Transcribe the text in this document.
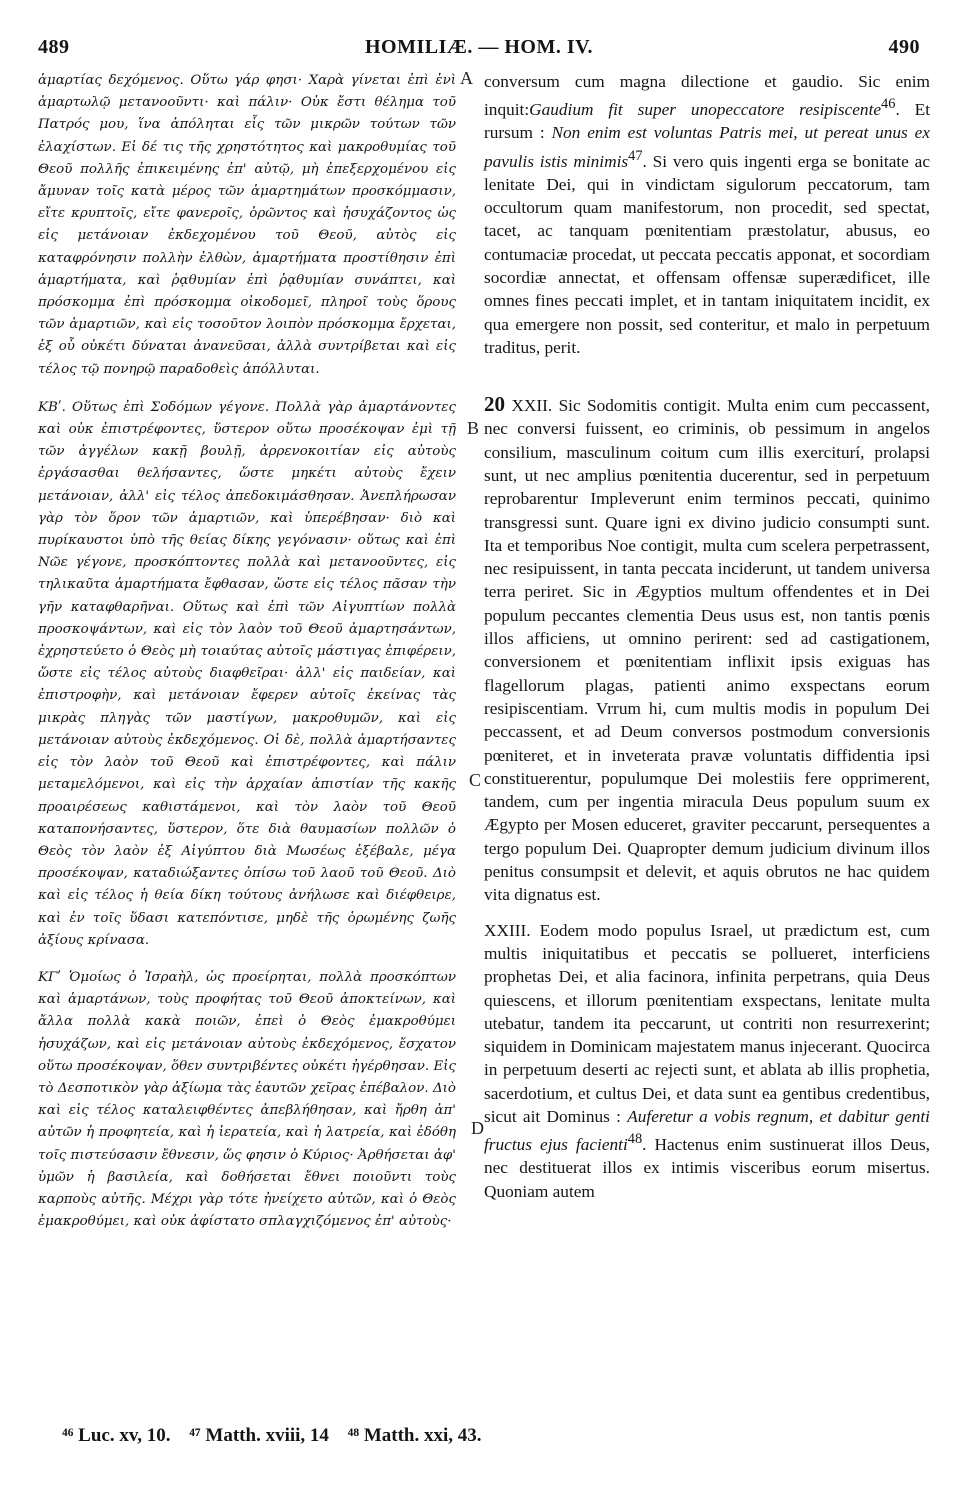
489	HOMILIÆ. — HOM. IV.	490

ἁμαρτίας δεχόμενος. Οὕτω γάρ φησι· Χαρὰ γίνεται ἐπὶ ἑνὶ ἁμαρτωλῷ μετανοοῦντι· καὶ πάλιν· Οὐκ ἔστι θέλημα τοῦ Πατρός μου, ἵνα ἀπόληται εἷς τῶν μικρῶν τούτων τῶν ἐλαχίστων. Εἰ δέ τις τῆς χρηστότητος καὶ μακροθυμίας τοῦ Θεοῦ πολλῆς ἐπικειμένης ἐπ' αὐτῷ, μὴ ἐπεξερχομένου εἰς ἄμυναν τοῖς κατὰ μέρος τῶν ἁμαρτημάτων προσκόμμασιν, εἴτε κρυπτοῖς, εἴτε φανεροῖς, ὁρῶντος καὶ ἡσυχάζοντος ὡς εἰς μετάνοιαν ἐκδεχομένου τοῦ Θεοῦ, αὐτὸς εἰς καταφρόνησιν πολλὴν ἐλθὼν, ἁμαρτήματα προστίθησιν ἐπὶ ἁμαρτήματα, καὶ ῥᾳθυμίαν ἐπὶ ῥᾳθυμίαν συνάπτει, καὶ πρόσκομμα ἐπὶ πρόσκομμα οἰκοδομεῖ, πληροῖ τοὺς ὅρους τῶν ἁμαρτιῶν, καὶ εἰς τοσοῦτον λοιπὸν πρόσκομμα ἔρχεται, ἐξ οὗ οὐκέτι δύναται ἀνανεῦσαι, ἀλλὰ συντρίβεται καὶ εἰς τέλος τῷ πονηρῷ παραδοθεὶς ἀπόλλυται.

ΚΒʹ. Οὕτως ἐπὶ Σοδόμων γέγονε. Πολλὰ γὰρ ἁμαρτάνοντες καὶ οὐκ ἐπιστρέφοντες, ὕστερον οὕτω προσέκοψαν ἐμὶ τῇ τῶν ἀγγέλων κακῇ βουλῇ, ἀρρενοκοιτίαν εἰς αὐτοὺς ἐργάσασθαι θελήσαντες, ὥστε μηκέτι αὐτοὺς ἔχειν μετάνοιαν, ἀλλ' εἰς τέλος ἀπεδοκιμάσθησαν. Ἀνεπλήρωσαν γὰρ τὸν ὅρον τῶν ἁμαρτιῶν, καὶ ὑπερέβησαν· διὸ καὶ πυρίκαυστοι ὑπὸ τῆς θείας δίκης γεγόνασιν· οὕτως καὶ ἐπὶ Νῶε γέγονε, προσκόπτοντες πολλὰ καὶ μετανοοῦντες, εἰς τηλικαῦτα ἁμαρτήματα ἔφθασαν, ὥστε εἰς τέλος πᾶσαν τὴν γῆν καταφθαρῆναι. Οὕτως καὶ ἐπὶ τῶν Αἰγυπτίων πολλὰ προσκοψάντων, καὶ εἰς τὸν λαὸν τοῦ Θεοῦ ἁμαρτησάντων, ἐχρηστεύετο ὁ Θεὸς μὴ τοιαύτας αὐτοῖς μάστιγας ἐπιφέρειν, ὥστε εἰς τέλος αὐτοὺς διαφθεῖραι· ἀλλ' εἰς παιδείαν, καὶ ἐπιστροφὴν, καὶ μετάνοιαν ἔφερεν αὐτοῖς ἐκείνας τὰς μικρὰς πληγὰς τῶν μαστίγων, μακροθυμῶν, καὶ εἰς μετάνοιαν αὐτοὺς ἐκδεχόμενος. Οἱ δὲ, πολλὰ ἁμαρτήσαντες εἰς τὸν λαὸν τοῦ Θεοῦ καὶ ἐπιστρέφοντες, καὶ πάλιν μεταμελόμενοι, καὶ εἰς τὴν ἀρχαίαν ἀπιστίαν τῆς κακῆς προαιρέσεως καθιστάμενοι, καὶ τὸν λαὸν τοῦ Θεοῦ καταπονήσαντες, ὕστερον, ὅτε διὰ θαυμασίων πολλῶν ὁ Θεὸς τὸν λαὸν ἐξ Αἰγύπτου διὰ Μωσέως ἐξέβαλε, μέγα προσέκοψαν, καταδιώξαντες ὀπίσω τοῦ λαοῦ τοῦ Θεοῦ. Διὸ καὶ εἰς τέλος ἡ θεία δίκη τούτους ἀνήλωσε καὶ διέφθειρε, καὶ ἐν τοῖς ὕδασι κατεπόντισε, μηδὲ τῆς ὁρωμένης ζωῆς ἀξίους κρίνασα.

ΚΓʹ Ὁμοίως ὁ Ἰσραὴλ, ὡς προείρηται, πολλὰ προσκόπτων καὶ ἁμαρτάνων, τοὺς προφήτας τοῦ Θεοῦ ἀποκτείνων, καὶ ἄλλα πολλὰ κακὰ ποιῶν, ἐπεὶ ὁ Θεὸς ἐμακροθύμει ἡσυχάζων, καὶ εἰς μετάνοιαν αὐτοὺς ἐκδεχόμενος, ἔσχατον οὕτω προσέκοψαν, ὅθεν συντριβέντες οὐκέτι ἠγέρθησαν. Εἰς τὸ Δεσποτικὸν γὰρ ἀξίωμα τὰς ἑαυτῶν χεῖρας ἐπέβαλον. Διὸ καὶ εἰς τέλος καταλειφθέντες ἀπεβλήθησαν, καὶ ἤρθη ἀπ' αὐτῶν ἡ προφητεία, καὶ ἡ ἱερατεία, καὶ ἡ λατρεία, καὶ ἐδόθη τοῖς πιστεύσασιν ἔθνεσιν, ὥς φησιν ὁ Κύριος· Ἀρθήσεται ἀφ' ὑμῶν ἡ βασιλεία, καὶ δοθήσεται ἔθνει ποιοῦντι τοὺς καρποὺς αὐτῆς. Μέχρι γὰρ τότε ἠνείχετο αὐτῶν, καὶ ὁ Θεὸς ἐμακροθύμει, καὶ οὐκ ἀφίστατο σπλαγχιζόμενος ἐπ' αὐτοὺς·

conversum cum magna dilectione et gaudio. Sic enim inquit:Gaudium fit super unopeccatore resipiscente$^{46}$. Et rursum : Non enim est voluntas Patris mei, ut pereat unus ex pavulis istis minimis$^{47}$. Si vero quis ingenti erga se bonitate ac lenitate Dei, qui in vindictam sigulorum peccatorum, tam occultorum quam manifestorum, non procedit, sed spectat, tacet, ac tanquam pœnitentiam præstolatur, abusus, eo contumaciæ procedat, ut peccata peccatis apponat, et socordiam socordiæ annectat, et offensam offensæ superædificet, ille omnes fines peccati implet, et in tantam iniquitatem incidit, ex qua emergere non possit, sed conteritur, et malo in perpetuum traditus, perit.

20 XXII. Sic Sodomitis contigit. Multa enim cum peccassent, nec conversi fuissent, eo criminis, ob pessimum in angelos consilium, masculinum coitum cum illis exerciturí, prolapsi sunt, ut nec amplius pœnitentia ducerentur, sed in perpetuum reprobarentur Impleverunt enim terminos peccati, quinimo transgressi sunt. Quare igni ex divino judicio consumpti sunt. Ita et temporibus Noe contigit, multa cum scelera perpetrassent, nec resipuissent, in tanta peccata inciderunt, ut tandem universa terra periret. Sic in Ægyptios multum offendentes et in Dei populum peccantes clementia Deus usus est, non tantis pœnis illos afficiens, ut omnino perirent: sed ad castigationem, conversionem et pœnitentiam inflixit ipsis exiguas has flagellorum plagas, patienti animo exspectans eorum resipiscentiam. Vrrum hi, cum multis modis in populum Dei peccassent, et ad Deum conversos postmodum conversionis pœniteret, et in inveterata pravæ voluntatis diffidentia ipsi constituerentur, populumque Dei molestiis fere opprimerent, tandem, cum per ingentia miracula Deus populum suum ex Ægypto per Mosen educeret, graviter peccarunt, persequentes a tergo populum Dei. Quapropter demum judicium divinum illos penitus consumpsit et delevit, et aquis obrutos ne hac quidem vita dignatus est.

XXIII. Eodem modo populus Israel, ut prædictum est, cum multis iniquitatibus et peccatis se pollueret, interficiens prophetas Dei, et alia facinora, infinita perpetrans, quia Deus quiescens, et illorum pœnitentiam exspectans, lenitate multa utebatur, tandem ita peccarunt, ut contriti non resurrexerint; siquidem in Dominicam majestatem manus injecerant. Quocirca in perpetuum deserti ac rejecti sunt, et ablata ab illis prophetia, sacerdotium, et cultus Dei, et data sunt ea gentibus credentibus, sicut ait Dominus : Auferetur a vobis regnum, et dabitur genti fructus ejus facienti$^{48}$. Hactenus enim sustinuerat illos Deus, nec destituerat illos ex intimis visceribus eorum misertus. Quoniam autem

A
B
C
D
⁴⁶ Luc. xv, 10. ⁴⁷ Matth. xviii, 14 ⁴⁸ Matth. xxi, 43.
